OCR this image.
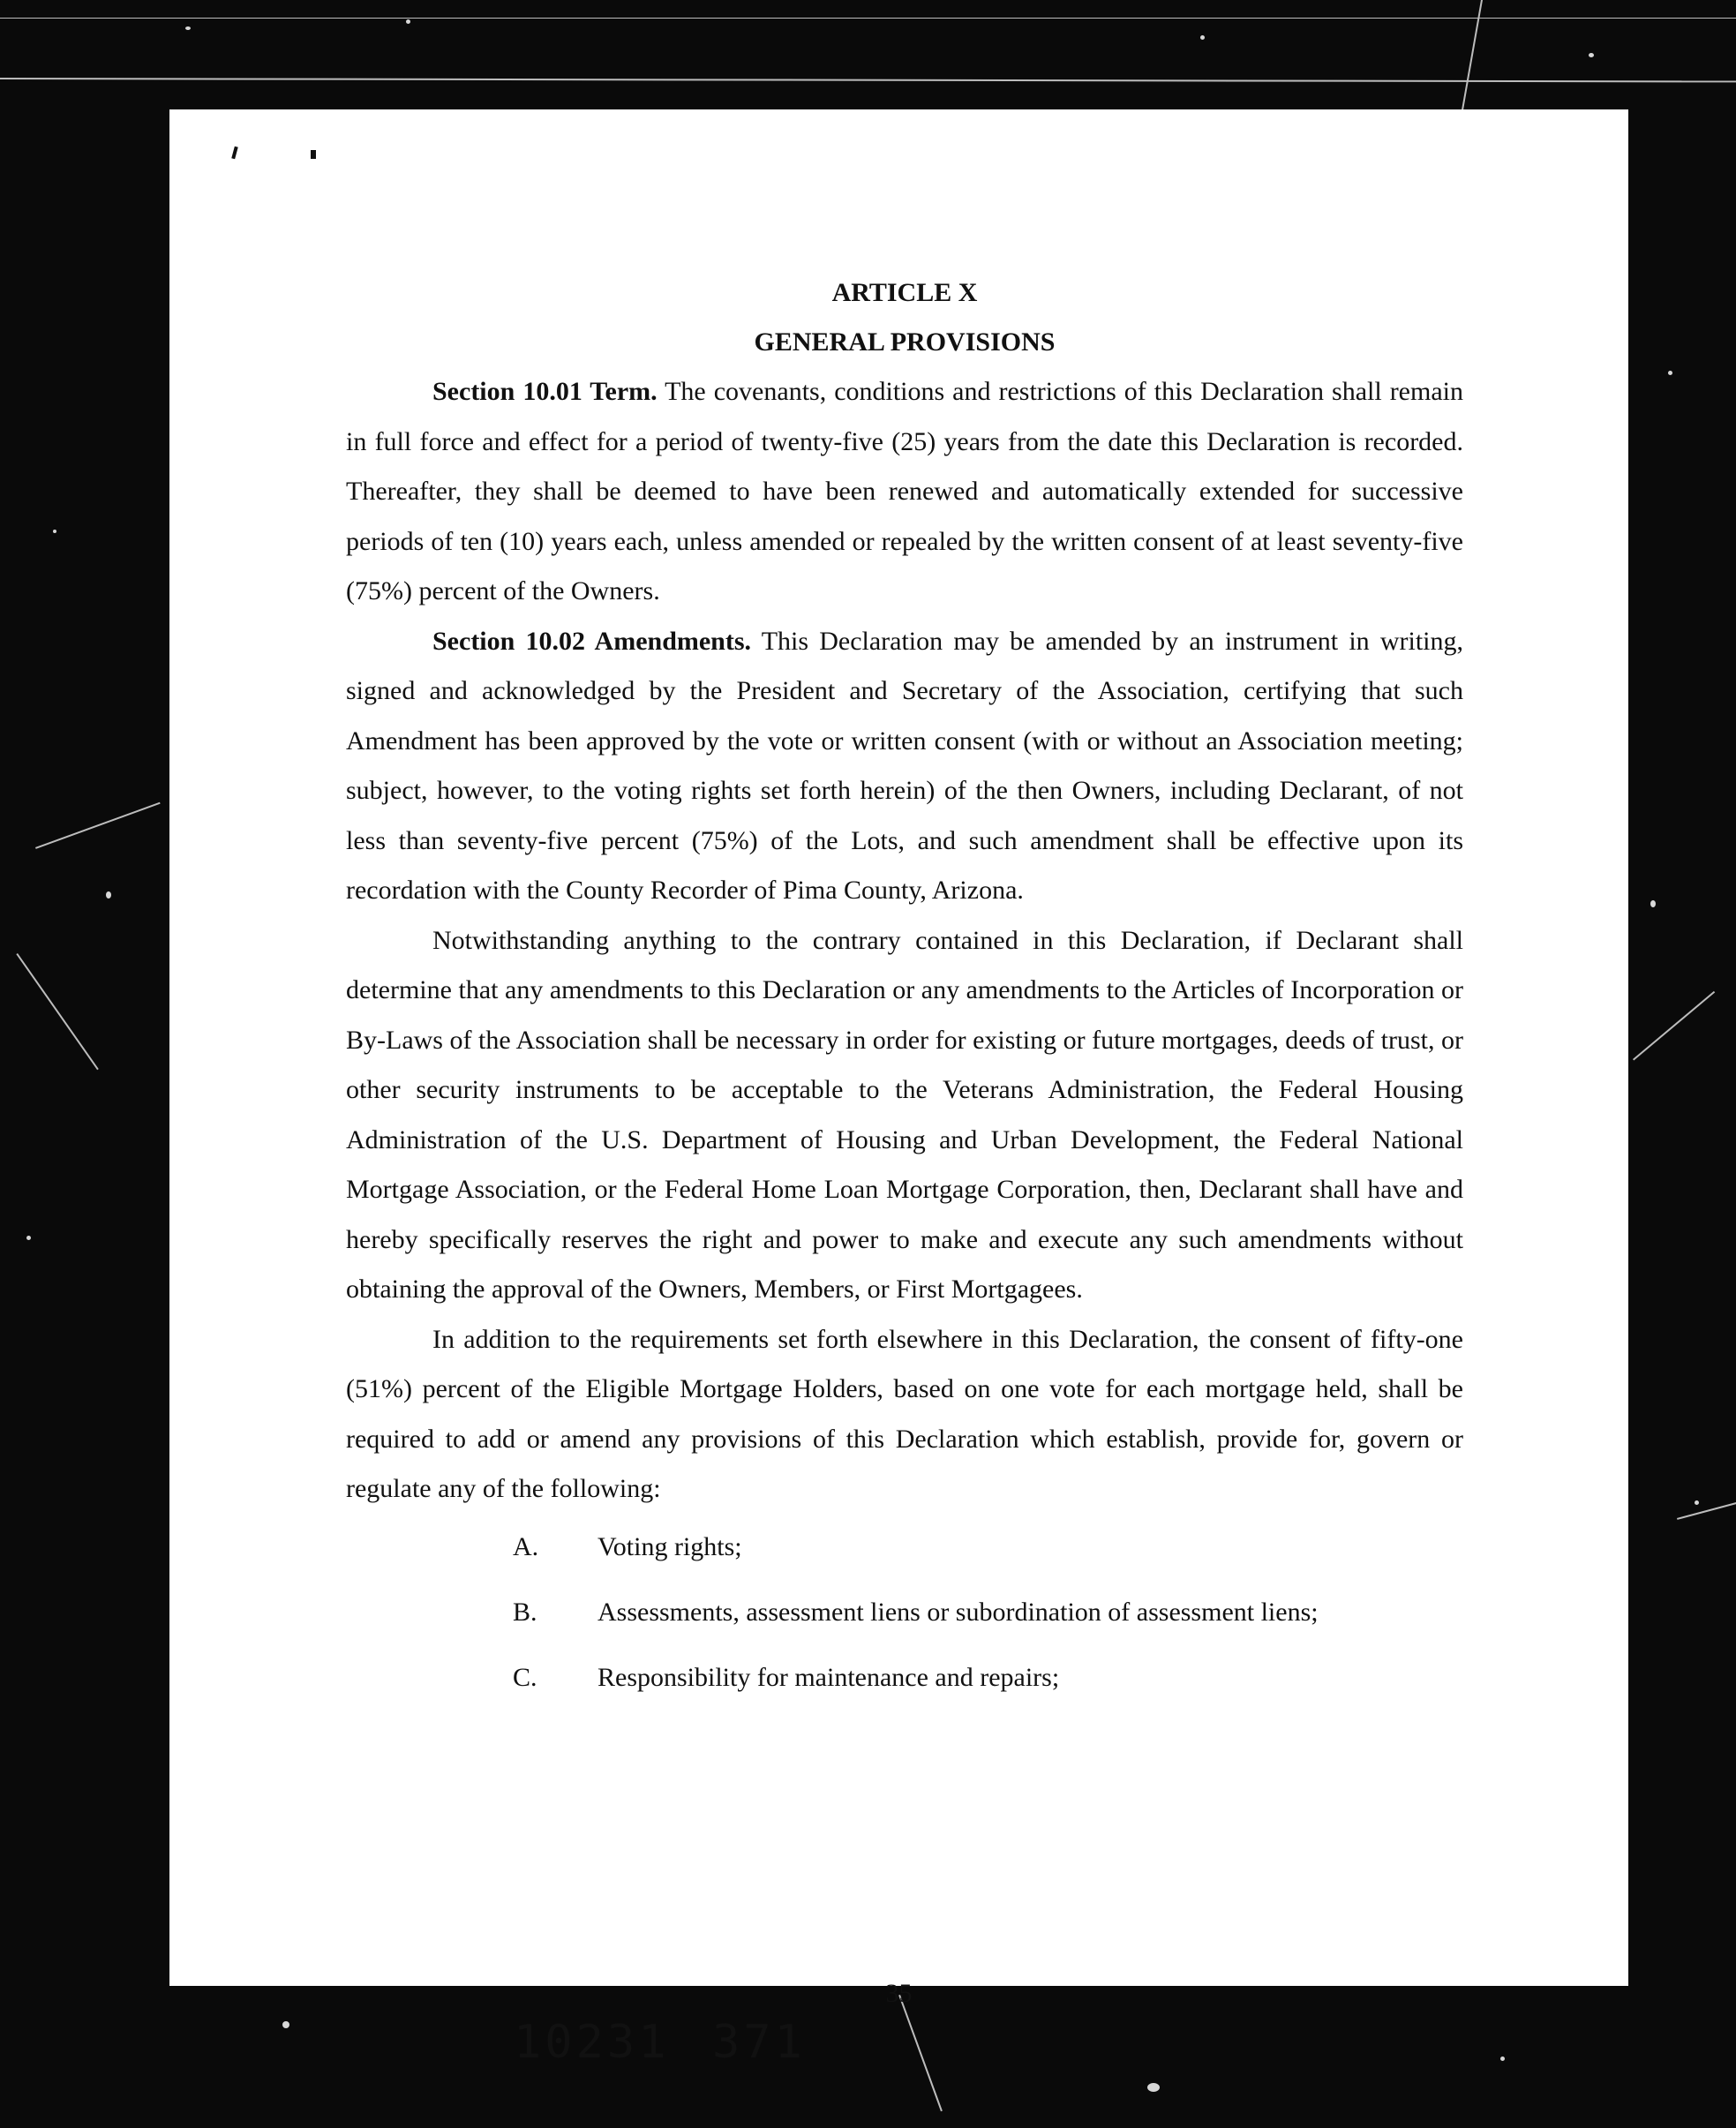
ARTICLE X

GENERAL PROVISIONS

Section 10.01 Term. The covenants, conditions and restrictions of this Declaration shall remain in full force and effect for a period of twenty-five (25) years from the date this Declaration is recorded. Thereafter, they shall be deemed to have been renewed and automatically extended for successive periods of ten (10) years each, unless amended or repealed by the written consent of at least seventy-five (75%) percent of the Owners.

Section 10.02 Amendments. This Declaration may be amended by an instrument in writing, signed and acknowledged by the President and Secretary of the Association, certifying that such Amendment has been approved by the vote or written consent (with or without an Association meeting; subject, however, to the voting rights set forth herein) of the then Owners, including Declarant, of not less than seventy-five percent (75%) of the Lots, and such amendment shall be effective upon its recordation with the County Recorder of Pima County, Arizona.

Notwithstanding anything to the contrary contained in this Declaration, if Declarant shall determine that any amendments to this Declaration or any amendments to the Articles of Incorporation or By-Laws of the Association shall be necessary in order for existing or future mortgages, deeds of trust, or other security instruments to be acceptable to the Veterans Administration, the Federal Housing Administration of the U.S. Department of Housing and Urban Development, the Federal National Mortgage Association, or the Federal Home Loan Mortgage Corporation, then, Declarant shall have and hereby specifically reserves the right and power to make and execute any such amendments without obtaining the approval of the Owners, Members, or First Mortgagees.

In addition to the requirements set forth elsewhere in this Declaration, the consent of fifty-one (51%) percent of the Eligible Mortgage Holders, based on one vote for each mortgage held, shall be required to add or amend any provisions of this Declaration which establish, provide for, govern or regulate any of the following:

A. Voting rights;
B. Assessments, assessment liens or subordination of assessment liens;
C. Responsibility for maintenance and repairs;
35
10231 371
